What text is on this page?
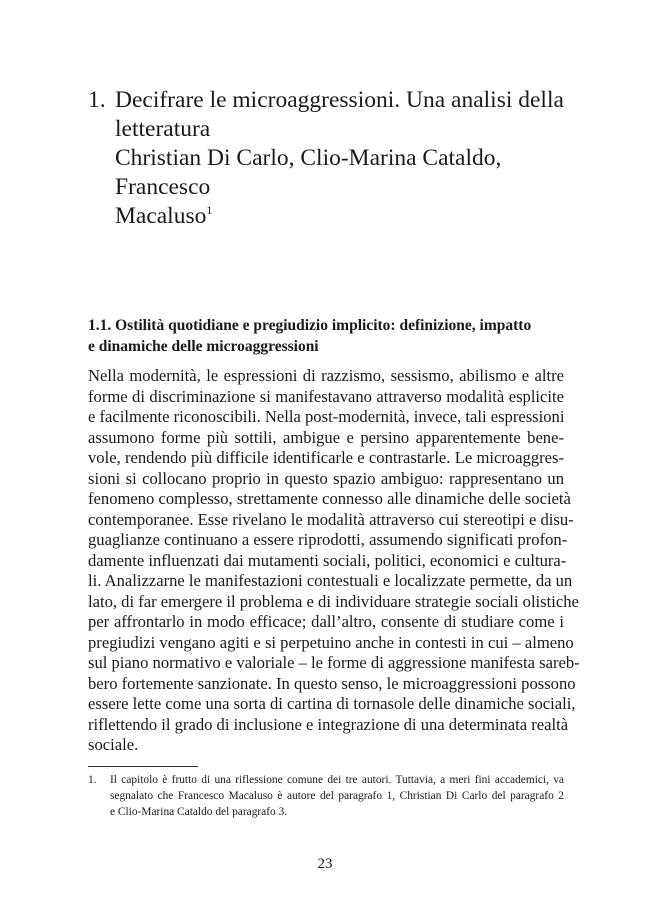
1. Decifrare le microaggressioni. Una analisi della
letteratura
Christian Di Carlo, Clio-Marina Cataldo, Francesco
Macaluso$^1$
1.1. Ostilità quotidiane e pregiudizio implicito: definizione, impatto
e dinamiche delle microaggressioni
Nella modernità, le espressioni di razzismo, sessismo, abilismo e altre
forme di discriminazione si manifestavano attraverso modalità esplicite
e facilmente riconoscibili. Nella post-modernità, invece, tali espressioni
assumono forme più sottili, ambigue e persino apparentemente bene-
vole, rendendo più difficile identificarle e contrastarle. Le microaggres-
sioni si collocano proprio in questo spazio ambiguo: rappresentano un
fenomeno complesso, strettamente connesso alle dinamiche delle società
contemporanee. Esse rivelano le modalità attraverso cui stereotipi e disu-
guaglianze continuano a essere riprodotti, assumendo significati profon-
damente influenzati dai mutamenti sociali, politici, economici e cultura-
li. Analizzarne le manifestazioni contestuali e localizzate permette, da un
lato, di far emergere il problema e di individuare strategie sociali olistiche
per affrontarlo in modo efficace; dall’altro, consente di studiare come i
pregiudizi vengano agiti e si perpetuino anche in contesti in cui – almeno
sul piano normativo e valoriale – le forme di aggressione manifesta sareb-
bero fortemente sanzionate. In questo senso, le microaggressioni possono
essere lette come una sorta di cartina di tornasole delle dinamiche sociali,
riflettendo il grado di inclusione e integrazione di una determinata realtà
sociale.
1.	Il capitolo è frutto di una riflessione comune dei tre autori. Tuttavia, a meri fini accademici, va
segnalato che Francesco Macaluso è autore del paragrafo 1, Christian Di Carlo del paragrafo 2
e Clio-Marina Cataldo del paragrafo 3.
23
